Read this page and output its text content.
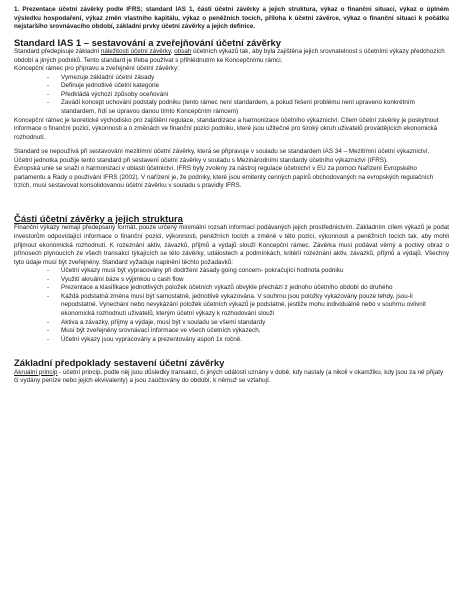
1. Prezentace účetní závěrky podle IFRS; standard IAS 1, části účetní závěrky a jejich struktura, výkaz o finanční situaci, výkaz o úplném výsledku hospodaření, výkaz změn vlastního kapitálu, výkaz o peněžních tocích, příloha k účetní závěrce, výkaz o finanční situaci k počátku nejstaršího srovnávacího období, základní prvky účetní závěrky a jejich definice.

Standard IAS 1 – sestavování a zveřejňování účetní závěrky

Standard předepisuje základní náležitosti účetní závěrky, obsah účetních výkazů tak, aby byla zajištěna jejich srovnatelnost s účetními výkazy předchozích období a jiných podniků. Tento standard je třeba používat s přihlédnutím ke Koncepčnímu rámci.

Koncepční rámec pro přípravu a zveřejnění účetní závěrky:

- Vymezuje základní účetní zásady
- Definuje jednotlivé účetní kategorie
- Předkládá výchozí způsoby oceňování
- Zavádí koncept uchování podstaty podniku (tento rámec není standardem, a pokud řešení problému není upraveno konkrétním standardem, řídí se úpravou danou tímto Koncepčním rámcem)

Koncepční rámec je teoretické východisko pro zajištění regulace, standardizace a harmonizace účetního výkaznictví. Cílem účetní závěrky je poskytnout informace o finanční pozici, výkonnosti a o změnách ve finanční pozici podniku, které jsou užitečné pro široký okruh uživatelů provádějících ekonomická rozhodnutí.

Standard se nepoužívá při sestavování mezitímní účetní závěrky, která se připravuje v souladu se standardem IAS 34 – Mezitímní účetní výkaznictví. Účetní jednotka použije tento standard při sestavení účetní závěrky v souladu s Mezinárodními standardy účetního výkaznictví (IFRS).

Evropská unie se snaží o harmonizaci v oblasti účetnictví. IFRS byly zvoleny za nástroj regulace účetnictví v EU za pomoci Nařízení Evropského parlamentu a Rady o používání IFRS (2002). V nařízení je, že podniky, které jsou emitenty cenných papírů obchodovaných na evropských regulačních trzích, musí sestavovat konsolidovanou účetní závěrku v souladu s pravidly IFRS.

Části účetní závěrky a jejich struktura

Finanční výkazy nemají předepsaný formát, pouze určený minimální rozsah informací podávaných jejich prostřednictvím. Základním cílem výkazů je podat investorům odpovídající informace o finanční pozici, výkonnosti, peněžních tocích a změně v této pozici, výkonnosti a peněžních tocích tak, aby mohli přijmout ekonomická rozhodnutí. K rozeznání aktiv, závazků, příjmů a výdajů slouží Koncepční rámec. Závěrka musí podávat věrný a poctivý obraz o přínosech plynoucích ze všech transakcí týkajících se této závěrky, událostech a podmínkách, kritérií rozeznání aktiv, závazků, příjmů a výdajů. Všechny tyto údaje musí být zveřejněny. Standard vyžaduje naplnění těchto požadavků:

- Účetní výkazy musí být vypracovány při dodržení zásady going concern- pokračující hodnota podniku
- Využití akruální báze s výjimkou u cash flow
- Prezentace a klasifikace jednotlivých položek účetních výkazů obvykle přechází z jednoho účetního období do druhého
- Každá podstatná změna musí být samostatně, jednotlivě vykazována. V souhrnu jsou položky vykazovány pouze tehdy, jsou-li nepodstatné. Vynechání nebo nevykázání položek účetních výkazů je podstatné, jestliže mohu individuálně nebo v souhrnu ovlivnit ekonomická rozhodnutí uživatelů, kterým účetní výkazy k rozhodování slouží
- Aktiva a závazky, příjmy a výdaje, musí být v souladu se všemi standardy
- Musí být zveřejněny srovnávací informace ve všech účetních výkazech,
- Účetní výkazy jsou vypracovány a prezentovány aspoň 1x ročně.
Základní předpoklady sestavení účetní závěrky

Akruální princip - účetní princip, podle něj jsou důsledky transakcí, či jiných událostí uznány v době, kdy nastaly (a nikoli v okamžiku, kdy jsou za ně přijaty či vydány peníze nebo jejich ekvivalenty) a jsou zaúčtovány do období, k němuž se vztahují.
